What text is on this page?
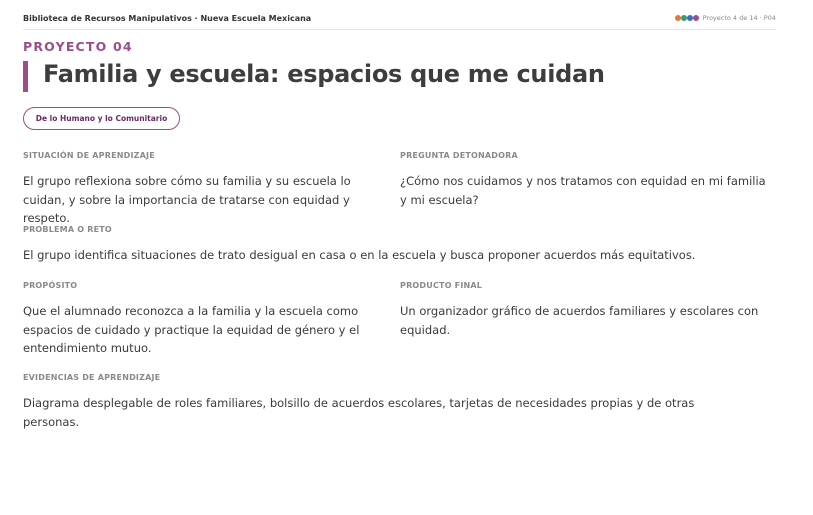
Biblioteca de Recursos Manipulativos · Nueva Escuela Mexicana	Proyecto 4 de 14 · P04
PROYECTO 04
Familia y escuela: espacios que me cuidan
De lo Humano y lo Comunitario
SITUACIÓN DE APRENDIZAJE
El grupo reflexiona sobre cómo su familia y su escuela lo cuidan, y sobre la importancia de tratarse con equidad y respeto.
PREGUNTA DETONADORA
¿Cómo nos cuidamos y nos tratamos con equidad en mi familia y mi escuela?
PROBLEMA O RETO
El grupo identifica situaciones de trato desigual en casa o en la escuela y busca proponer acuerdos más equitativos.
PROPÓSITO
Que el alumnado reconozca a la familia y la escuela como espacios de cuidado y practique la equidad de género y el entendimiento mutuo.
PRODUCTO FINAL
Un organizador gráfico de acuerdos familiares y escolares con equidad.
EVIDENCIAS DE APRENDIZAJE
Diagrama desplegable de roles familiares, bolsillo de acuerdos escolares, tarjetas de necesidades propias y de otras personas.
